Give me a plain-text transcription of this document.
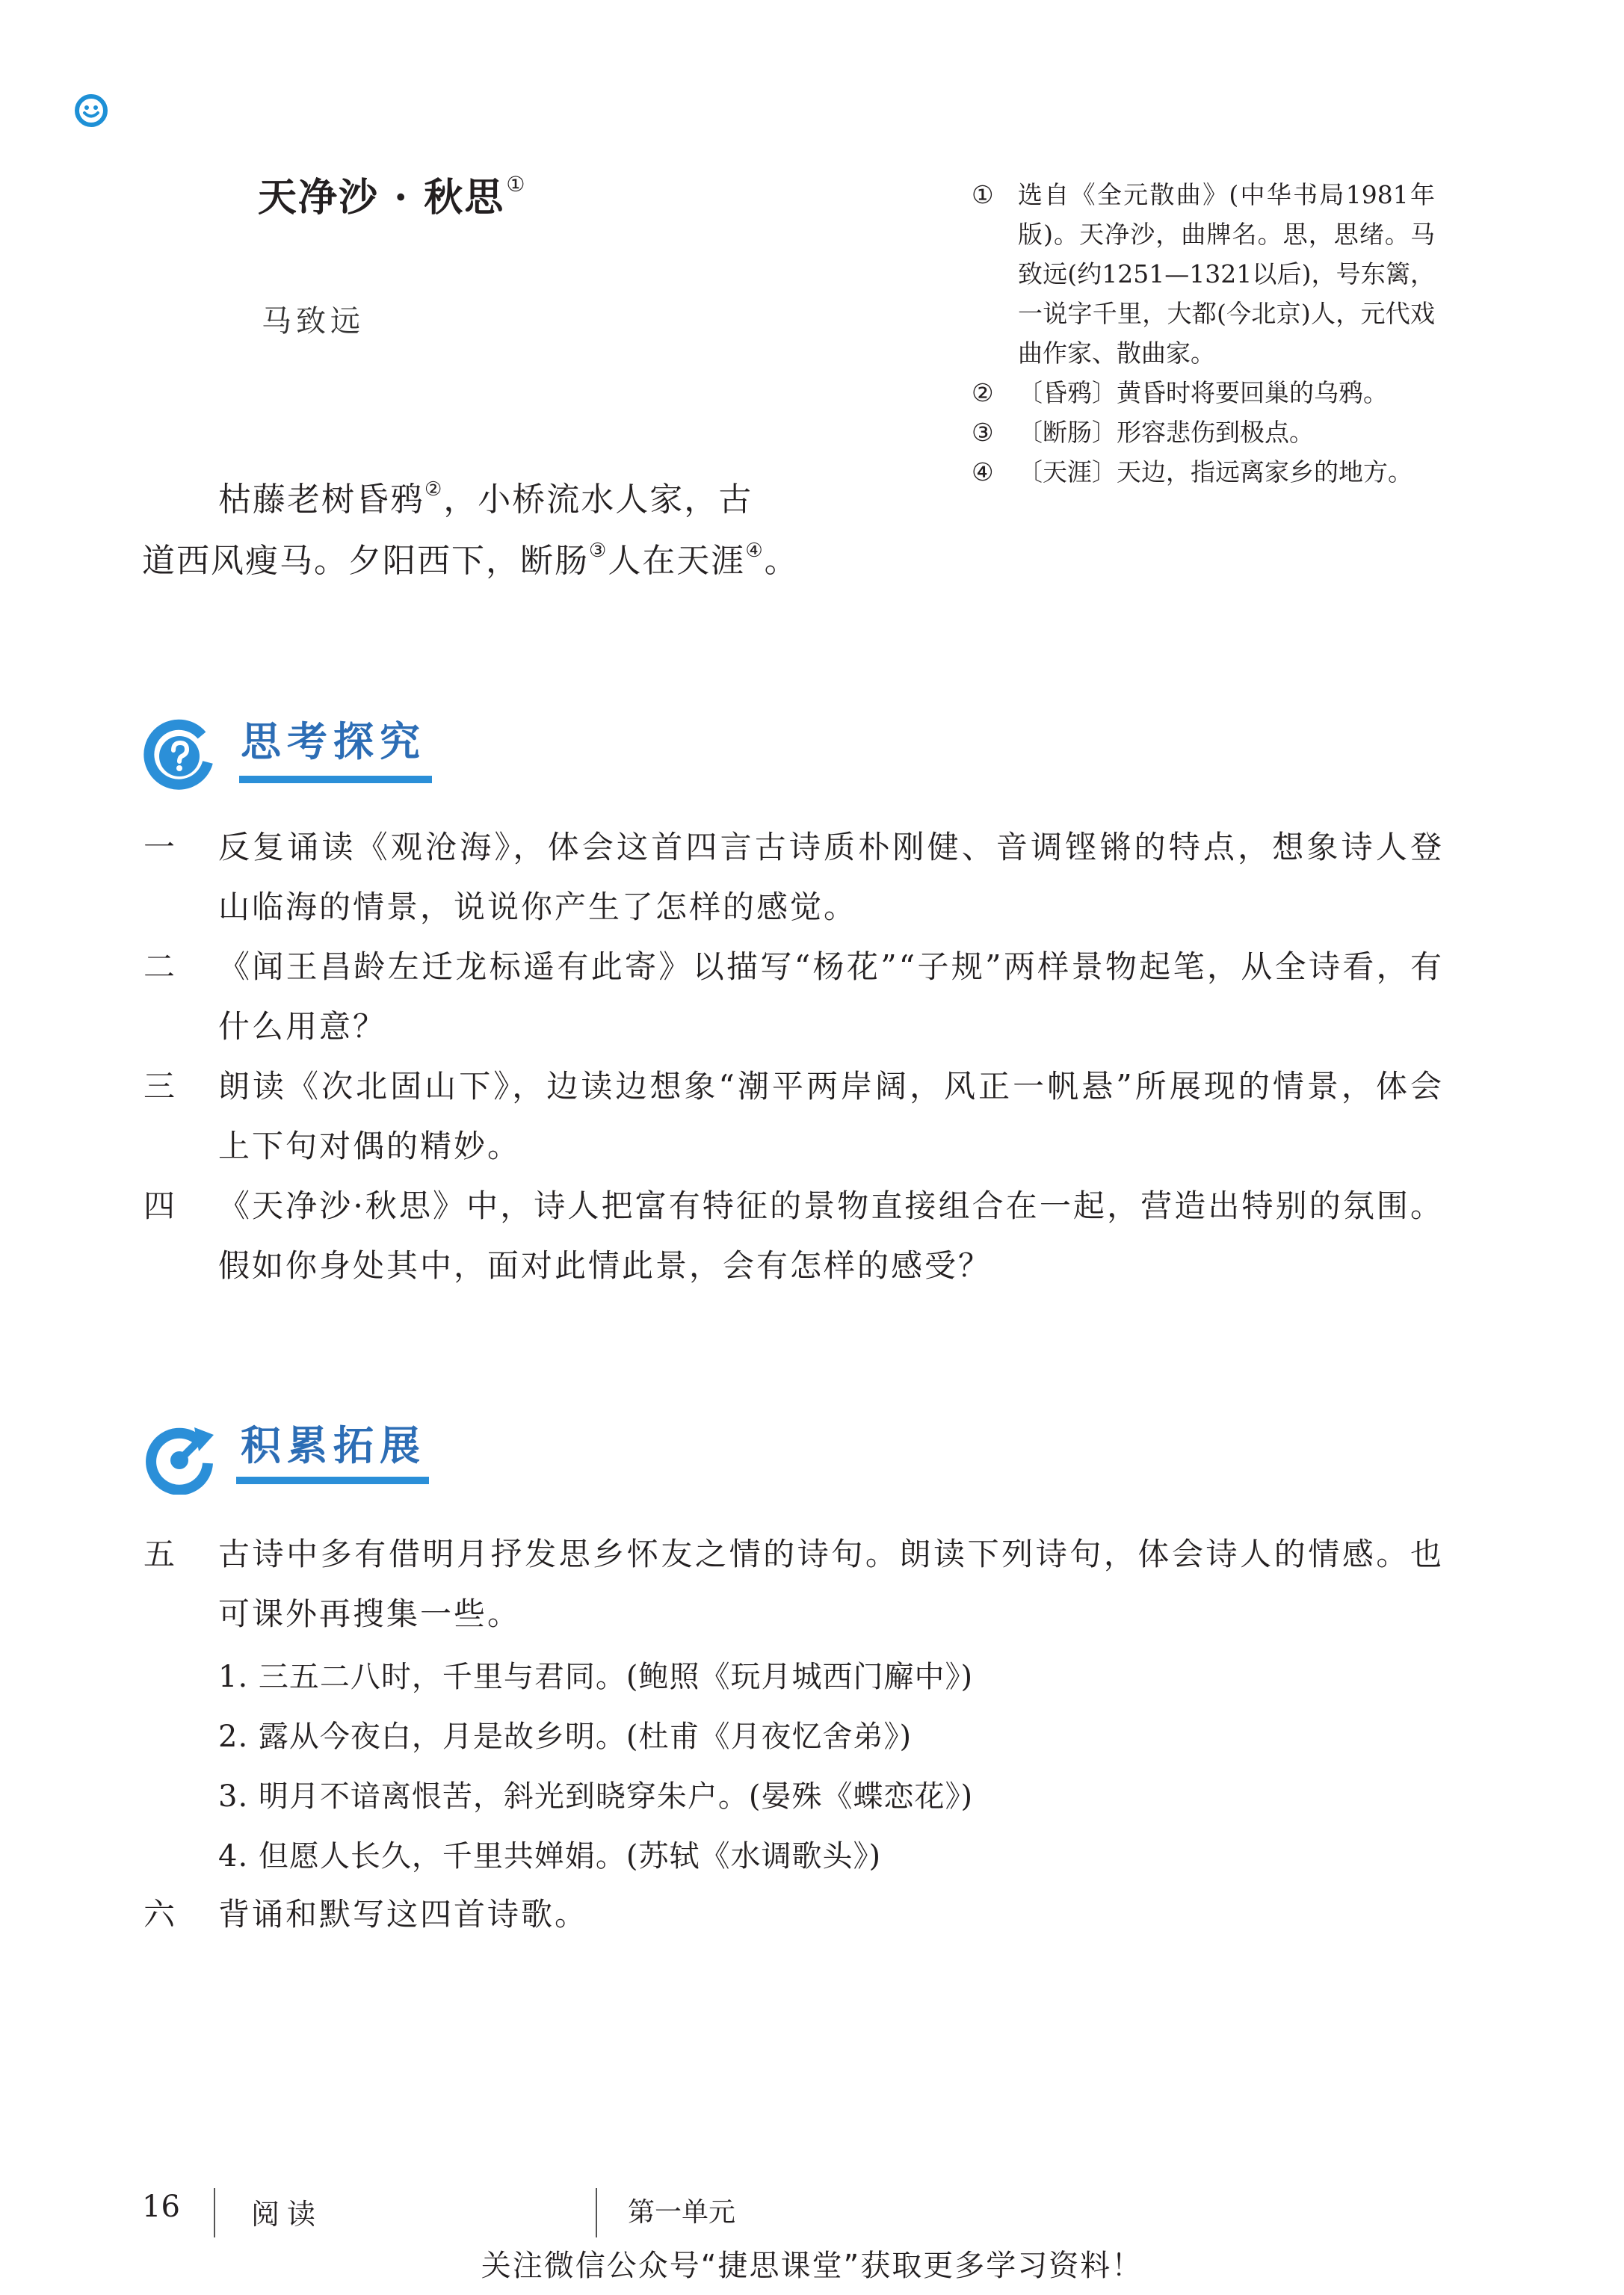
天净沙 · 秋思①
马致远
枯藤老树昏鸦②，小桥流水人家，古
道西风瘦马。夕阳西下，断肠③人在天涯④。
① 选自《全元散曲》(中华书局1981年版)。天净沙，曲牌名。思，思绪。马致远(约1251—1321以后)，号东篱，一说字千里，大都(今北京)人，元代戏曲作家、散曲家。
② 〔昏鸦〕黄昏时将要回巢的乌鸦。
③ 〔断肠〕形容悲伤到极点。
④ 〔天涯〕天边，指远离家乡的地方。
思考探究
一 反复诵读《观沧海》，体会这首四言古诗质朴刚健、音调铿锵的特点，想象诗人登山临海的情景，说说你产生了怎样的感觉。
二 《闻王昌龄左迁龙标遥有此寄》以描写“杨花”“子规”两样景物起笔，从全诗看，有什么用意？
三 朗读《次北固山下》，边读边想象“潮平两岸阔，风正一帆悬”所展现的情景，体会上下句对偶的精妙。
四 《天净沙·秋思》中，诗人把富有特征的景物直接组合在一起，营造出特别的氛围。假如你身处其中，面对此情此景，会有怎样的感受？
积累拓展
五 古诗中多有借明月抒发思乡怀友之情的诗句。朗读下列诗句，体会诗人的情感。也可课外再搜集一些。
1. 三五二八时，千里与君同。(鲍照《玩月城西门廨中》)
2. 露从今夜白，月是故乡明。(杜甫《月夜忆舍弟》)
3. 明月不谙离恨苦，斜光到晓穿朱户。(晏殊《蝶恋花》)
4. 但愿人长久，千里共婵娟。(苏轼《水调歌头》)
六 背诵和默写这四首诗歌。
16	阅读	第一单元
关注微信公众号“捷思课堂”获取更多学习资料！
